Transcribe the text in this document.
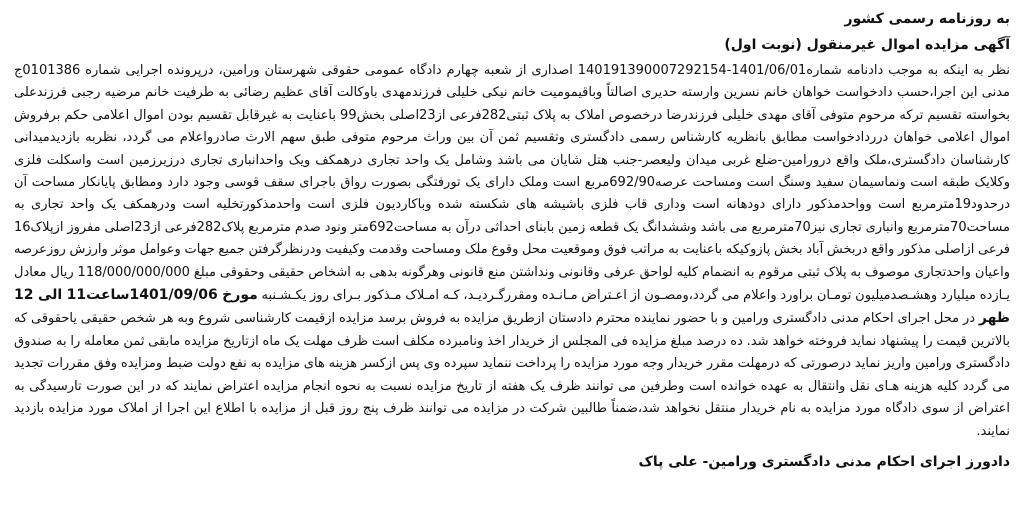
به روزنامه رسمی کشور

آگهی مزایده اموال غیرمنقول (نوبت اول)

نظر به اینکه به موجب دادنامه شماره1401/06/01-140191390007292154 اصداری از شعبه چهارم دادگاه عمومی حقوقی شهرستان ورامین، درپرونده اجرایی شماره 0101386ج مدنی این اجرا،حسب دادخواست خواهان خانم نسرین وارسته حدیری اصالتاً وباقیمومیت خانم نیکی خلیلی فرزندمهدی باوکالت آقای عظیم رضائی به طرفیت خانم مرضیه رجبی فرزندعلی بخواسته تقسیم ترکه مرحوم متوفی آقای مهدی خلیلی فرزندرضا درخصوص املاک به پلاک ثبتی282فرعی از23اصلی بخش99 باعنایت به غیرقابل تقسیم بودن اموال اعلامی حکم برفروش اموال اعلامی خواهان درردادخواست مطابق بانظریه کارشناس رسمی دادگستری وتقسیم ثمن آن بین وراث مرحوم متوفی طبق سهم الارث صادرواعلام می گردد، نظربه بازدیدمیدانی کارشناسان دادگستری،ملک واقع درورامین-ضلع غربی میدان ولیعصر-جنب هتل شایان می باشد وشامل یک واحد تجاری درهمکف ویک واحدانباری تجاری درزیرزمین است واسکلت فلزی وکلایک طبقه است ونماسیمان سفید وسنگ است ومساحت عرصه692/90مربع است وملک دارای یک تورفتگی بصورت رواق باجرای سقف قوسی وجود دارد ومطابق پایانکار مساحت آن درحدود19مترمربع است وواحدمذکور دارای دودهانه است وداری قاب فلزی باشیشه های شکسته شده وباکاردیون فلزی است واحدمذکورتخلیه است ودرهمکف یک واحد تجاری به مساحت70مترمربع وانباری تجاری نیز70مترمربع می باشد وششدانگ یک قطعه زمین بابنای احداثی درآن به مساحت692متر ونود صدم مترمربع پلاک282فرعی از23اصلی مفروز ازپلاک16 فرعی ازاصلی مذکور واقع دربخش آباد بخش پازوکیکه باعنایت به مراتب فوق وموقعیت محل وقوع ملک ومساحت وقدمت وکیفیت ودرنظرگرفتن جمیع جهات وعوامل موثر وارزش روزعرصه واعیان واحدتجاری موصوف به پلاک ثبتی مرقوم به انضمام کلیه لواحق عرفی وقانونی ونداشتن منع قانونی وهرگونه بدهی به اشخاص حقیقی وحقوقی مبلغ 118/000/000/000 ریال معادل یـازده میلیارد وهشـصدمیلیون تومـان براورد واعلام می گردد،ومصـون از اعـتراض مـانـده ومقررگـردیـد، کـه امـلاک مـذکور بـرای روز یکـشـنبه مورخ 1401/09/06ساعت11 الی 12 ظهر در محل اجرای احکام مدنی دادگستری ورامین و با حضور نماینده محترم دادستان ازطریق مزایده به فروش برسد مزایده ازقیمت کارشناسی شروع وبه هر شخص حقیقی یاحقوقی که بالاترین قیمت را پیشنهاد نماید فروخته خواهد شد. ده درصد مبلغ مزایده فی المجلس از خریدار اخذ ونامبرده مکلف است ظرف مهلت یک ماه ازتاریخ مزایده مابقی ثمن معامله را به صندوق دادگستری ورامین واریز نماید درصورتی که درمهلت مقرر خریدار وجه مورد مزایده را پرداخت ننماید سپرده وی پس ازکسر هزینه های مزایده به نفع دولت ضبط ومزایده وفق مقررات تجدید می گردد کلیه هزینه هـای نقل وانتقال به عهده خوانده است وطرفین می توانند ظرف یک هفته از تاریخ مزایده نسبت به نحوه انجام مزایده اعتراض نمایند که در این صورت تارسیدگی به اعتراض از سوی دادگاه مورد مزایده به نام خریدار منتقل نخواهد شد،ضمناً طالبین شرکت در مزایده می توانند ظرف پنج روز قبل از مزایده با اطلاع این اجرا از املاک مورد مزایده بازدید نمایند.

دادورز اجرای احکام مدنی دادگستری ورامین- علی پاک
